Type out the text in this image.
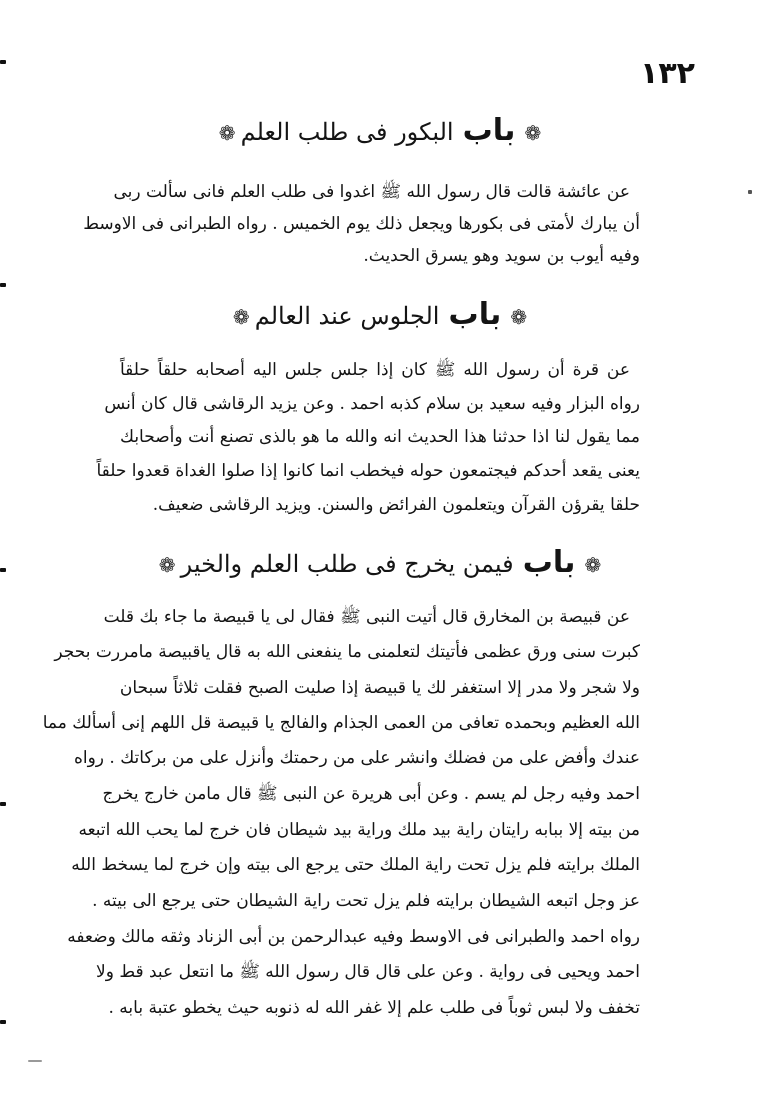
١٣٢
❁ باب البكور فى طلب العلم ❁
عن عائشة قالت قال رسول الله ﷺ اغدوا فى طلب العلم فانى سألت ربى
أن يبارك لأمتى فى بكورها ويجعل ذلك يوم الخميس . رواه الطبرانى فى الاوسط
وفيه أيوب بن سويد وهو يسرق الحديث.
❁ باب الجلوس عند العالم ❁
عن قرة أن رسول الله ﷺ كان إذا جلس جلس اليه أصحابه حلقاً حلقاً
رواه البزار وفيه سعيد بن سلام كذبه احمد . وعن يزيد الرقاشى قال كان أنس
مما يقول لنا اذا حدثنا هذا الحديث انه والله ما هو بالذى تصنع أنت وأصحابك
يعنى يقعد أحدكم فيجتمعون حوله فيخطب انما كانوا إذا صلوا الغداة قعدوا حلقاً
حلقا يقرؤن القرآن ويتعلمون الفرائض والسنن. ويزيد الرقاشى ضعيف.
❁ باب فيمن يخرج فى طلب العلم والخير ❁
عن قبيصة بن المخارق قال أتيت النبى ﷺ فقال لى يا قبيصة ما جاء بك قلت
كبرت سنى ورق عظمى فأتيتك لتعلمنى ما ينفعنى الله به قال ياقبيصة مامررت بحجر
ولا شجر ولا مدر إلا استغفر لك يا قبيصة إذا صليت الصبح فقلت ثلاثاً سبحان
الله العظيم وبحمده تعافى من العمى الجذام والفالج يا قبيصة قل اللهم إنى أسألك مما
عندك وأفض على من فضلك وانشر على من رحمتك وأنزل على من بركاتك . رواه
احمد وفيه رجل لم يسم . وعن أبى هريرة عن النبى ﷺ قال مامن خارج يخرج
من بيته إلا ببابه رايتان راية بيد ملك وراية بيد شيطان فان خرج لما يحب الله اتبعه
الملك برايته فلم يزل تحت راية الملك حتى يرجع الى بيته وإن خرج لما يسخط الله
عز وجل اتبعه الشيطان برايته فلم يزل تحت راية الشيطان حتى يرجع الى بيته .
رواه احمد والطبرانى فى الاوسط وفيه عبدالرحمن بن أبى الزناد وثقه مالك وضعفه
احمد ويحيى فى رواية . وعن على قال قال رسول الله ﷺ ما انتعل عبد قط ولا
تخفف ولا لبس ثوباً فى طلب علم إلا غفر الله له ذنوبه حيث يخطو عتبة بابه .
